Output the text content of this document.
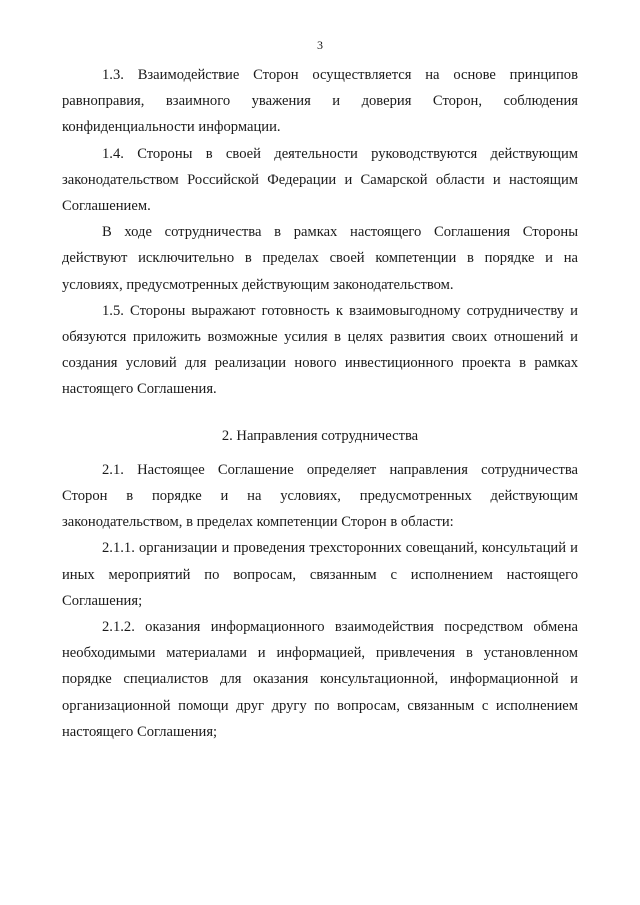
3

1.3. Взаимодействие Сторон осуществляется на основе принципов равноправия, взаимного уважения и доверия Сторон, соблюдения конфиденциальности информации.

1.4. Стороны в своей деятельности руководствуются действующим законодательством Российской Федерации и Самарской области и настоящим Соглашением.

В ходе сотрудничества в рамках настоящего Соглашения Стороны действуют исключительно в пределах своей компетенции в порядке и на условиях, предусмотренных действующим законодательством.

1.5. Стороны выражают готовность к взаимовыгодному сотрудничеству и обязуются приложить возможные усилия в целях развития своих отношений и создания условий для реализации нового инвестиционного проекта в рамках настоящего Соглашения.

2. Направления сотрудничества

2.1. Настоящее Соглашение определяет направления сотрудничества Сторон в порядке и на условиях, предусмотренных действующим законодательством, в пределах компетенции Сторон в области:

2.1.1. организации и проведения трехсторонних совещаний, консультаций и иных мероприятий по вопросам, связанным с исполнением настоящего Соглашения;

2.1.2. оказания информационного взаимодействия посредством обмена необходимыми материалами и информацией, привлечения в установленном порядке специалистов для оказания консультационной, информационной и организационной помощи друг другу по вопросам, связанным с исполнением настоящего Соглашения;
